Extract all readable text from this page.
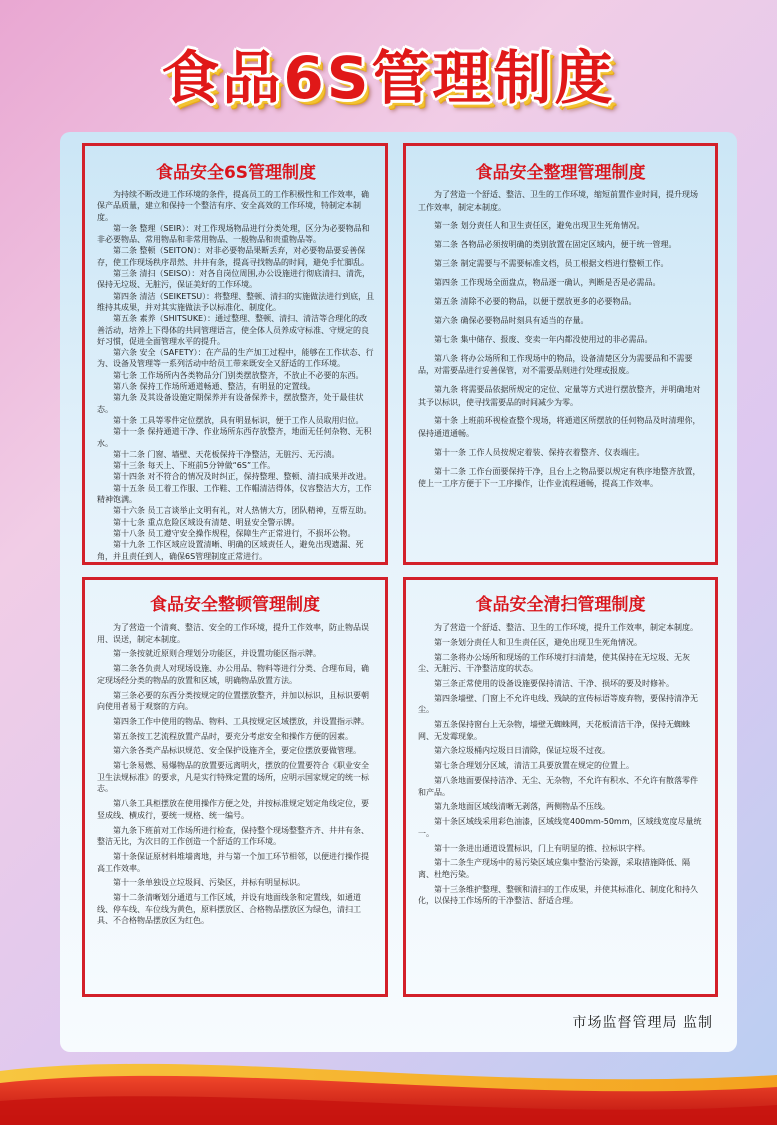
食品6S管理制度
食品安全6S管理制度

为持续不断改进工作环境的条件，提高员工的工作积极性和工作效率，确保产品质量，建立和保持一个整洁有序、安全高效的工作环境，特制定本制度。

第一条 整理（SEIR）：对工作现场物品进行分类处理，区分为必要物品和非必要物品、常用物品和非常用物品、一般物品和贵重物品等。

第二条 整顿（SEITON）：对非必要物品果断丢弃，对必要物品要妥善保存，使工作现场秩序昂然、井井有条，提高寻找物品的时间，避免手忙脚乱。

第三条 清扫（SEISO）：对各自岗位周围,办公设施进行彻底清扫、清洗，保持无垃圾、无脏污，保证美好的工作环境。

第四条 清洁（SEIKETSU）：将整理、整顿、清扫的实施做法进行到底，且维持其成果，并对其实施做法予以标准化、制度化。

第五条 素养（SHITSUKE）：通过整理、整顿、清扫、清洁等合理化的改善活动，培养上下得体的共同管理语言，使全体人员养成守标准、守规定的良好习惯，促进全面管理水平的提升。

第六条 安全（SAFETY）：在产品的生产加工过程中，能够在工作状态、行为、设备及管理等一系列活动中给员工带来既安全又舒适的工作环境。

第七条 工作场所内各类物品分门别类摆放整齐，不放止不必要的东西。

第八条 保持工作场所通道畅通、整洁，有明显的定置线。

第九条 及其设备设施定期保养并有设备保养卡，摆放整齐，处于最佳状态。

第十条 工具等零件定位摆放，具有明显标识，便于工作人员取用归位。

第十一条 保持通道干净、作业场所东西存放整齐，地面无任何杂物、无积水。

第十二条 门窗、墙壁、天花板保持干净整洁，无脏污、无污渍。

第十三条 每天上、下班前5分钟做“6S”工作。

第十四条 对不符合的情况及时纠正，保持整理、整顿、清扫成果并改进。

第十五条 员工着工作服、工作鞋、工作帽清洁得体，仪容整洁大方，工作精神饱满。

第十六条 员工言谈举止文明有礼，对人热情大方，团队精神，互帮互助。

第十七条 重点危险区域设有清楚、明显安全警示牌。

第十八条 员工遵守安全操作规程，保障生产正常进行，不损坏公物。

第十九条 工作区域应设置清晰、明确的区域责任人，避免出现遗漏、死角，并且责任到人，确保6S管理制度正常进行。

食品安全整理管理制度

为了营造一个舒适、整洁、卫生的工作环境，缩短前置作业时间，提升现场工作效率，制定本制度。

第一条 划分责任人和卫生责任区，避免出现卫生死角情况。

第二条 各物品必须按明确的类别放置在固定区域内，便于统一管理。

第三条 制定需要与不需要标准文档，员工根据文档进行整顿工作。

第四条 工作现场全面盘点，物品逐一确认，判断是否是必需品。

第五条 清除不必要的物品，以便于摆放更多的必要物品。

第六条 确保必要物品时刻具有适当的存量。

第七条 集中储存、报废、变卖一年内都没使用过的非必需品。

第八条 将办公场所和工作现场中的物品，设备清楚区分为需要品和不需要品，对需要品进行妥善保管，对不需要品则进行处理或报废。

第九条 将需要品依据所规定的定位、定量等方式进行摆放整齐，并明确地对其予以标识，使寻找需要品的时间减少为零。

第十条 上班前环视检查整个现场，将通道区所摆放的任何物品及时清理你，保持通道通畅。

第十一条 工作人员按规定着装、保持衣着整齐、仪表端庄。

第十二条 工作台面要保持干净，且台上之物品要以规定有秩序地整齐放置，使上一工序方便于下一工序操作，让作业流程通畅，提高工作效率。

食品安全整顿管理制度

为了营造一个清爽、整洁、安全的工作环境，提升工作效率，防止物品误用、误送，制定本制度。

第一条按就近原则合理划分功能区，并设置功能区指示牌。

第二条各负责人对现场设施、办公用品、物料等进行分类、合理布局，确定现场经分类的物品的放置和区域，明确物品放置方法。

第三条必要的东西分类按规定的位置摆放整齐，并加以标识，且标识要朝向使用者易于观察的方向。

第四条工作中使用的物品、物料、工具按规定区域摆放，并设置指示牌。

第五条按工艺流程放置产品时，要充分考虑安全和操作方便的因素。

第六条各类产品标识规范、安全保护设施齐全，要定位摆放要做管理。

第七条易燃、易爆物品的放置要远离明火，摆放的位置要符合《职业安全卫生法规标准》的要求，凡是实行特殊定置的场所，应明示国家规定的统一标志。

第八条工具柜摆放在使用操作方便之处，并按标准规定划定角线定位，要竖成线、横成行，要统一规格、统一编号。

第九条下班前对工作场所进行检查，保持整个现场整整齐齐、井井有条、整洁无比，为次日的工作创造一个舒适的工作环境。

第十条保证原材料堆墙离地，并与第一个加工环节相邻，以便进行操作提高工作效率。

第十一条单独设立垃圾间、污染区，并标有明显标识。

第十二条清晰划分通道与工作区域，并设有地面线条和定置线，如通道线、停车线、车位线为黄色，原料摆放区、合格物品摆放区为绿色，清扫工具、不合格物品摆放区为红色。

食品安全清扫管理制度

为了营造一个舒适、整洁、卫生的工作环境，提升工作效率，制定本制度。

第一条划分责任人和卫生责任区，避免出现卫生死角情况。

第二条将办公场所和现场的工作环境打扫清楚，使其保持在无垃圾、无灰尘、无脏污、干净整洁度的状态。

第三条正常使用的设备设施要保持清洁、干净、损坏的要及时修补。

第四条墙壁、门窗上不允许电线、残缺的宣传标语等废弃物，要保持清净无尘。

第五条保持窗台上无杂物，墙壁无蜘蛛网，天花板清洁干净，保持无蜘蛛网、无发霉现象。

第六条垃圾桶内垃圾日日清除，保证垃圾不过夜。

第七条合理划分区域，清洁工具要放置在规定的位置上。

第八条地面要保持洁净、无尘、无杂物，不允许有积水、不允许有散落零件和产品。

第九条地面区域线清晰无剥落，两侧物品不压线。

第十条区域线采用彩色油漆，区域线宽400mm-50mm，区域线宽度尽量统一。

第十一条进出通道设置标识，门上有明显的推、拉标识字样。

第十二条生产现场中的易污染区域应集中整治污染源，采取措施降低、隔离、杜绝污染。

第十三条维护整理、整顿和清扫的工作成果，并使其标准化、制度化和持久化，以保持工作场所的干净整洁、舒适合理。

市场监督管理局 监制
